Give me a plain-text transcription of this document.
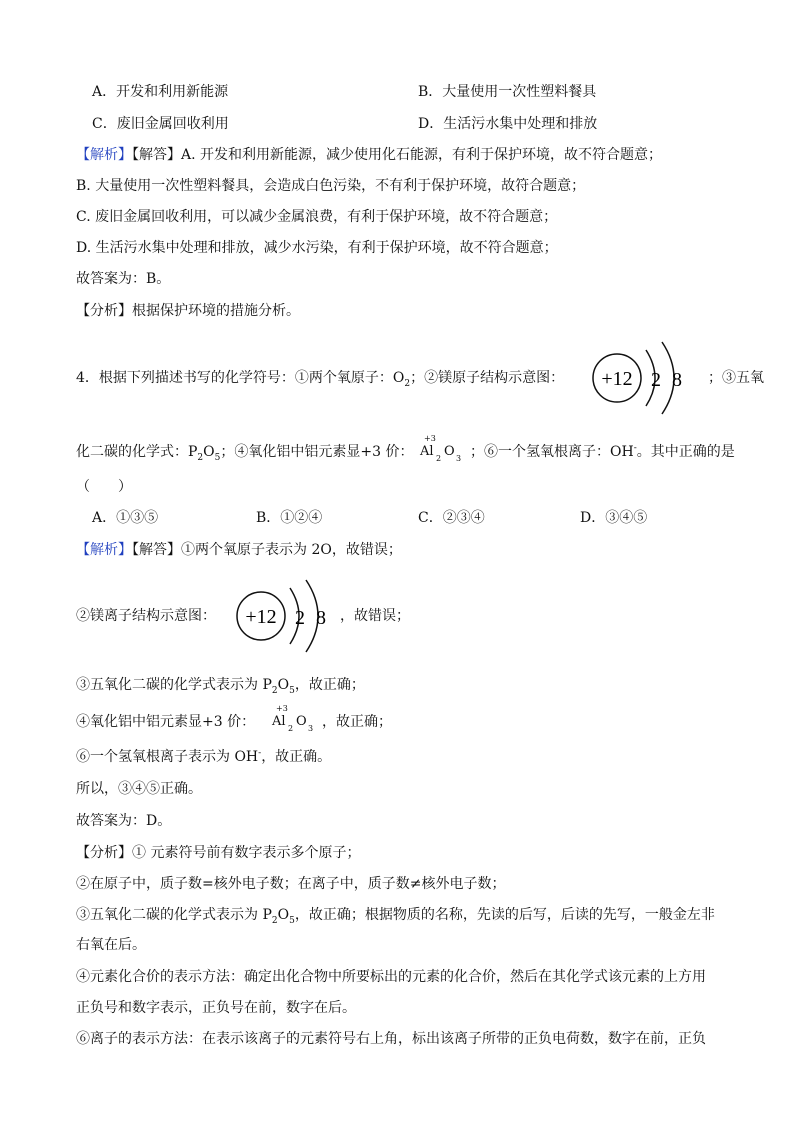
A．开发和利用新能源	B．大量使用一次性塑料餐具
C．废旧金属回收利用	D．生活污水集中处理和排放
【解析】【解答】A. 开发和利用新能源，减少使用化石能源，有利于保护环境，故不符合题意；
B. 大量使用一次性塑料餐具，会造成白色污染，不有利于保护环境，故符合题意；
C. 废旧金属回收利用，可以减少金属浪费，有利于保护环境，故不符合题意；
D. 生活污水集中处理和排放，减少水污染，有利于保护环境，故不符合题意；
故答案为：B。
【分析】根据保护环境的措施分析。
4．根据下列描述书写的化学符号：①两个氧原子：$O_2$；②镁原子结构示意图： +12 2 8 ；③五氧
化二碳的化学式：$P_2O_5$；④氧化铝中铝元素显+3 价：
+3
Al 2 O 3 ；⑥一个氢氧根离子：OH-。其中正确的是
（　　）
A．①③⑤	B．①②④	C．②③④	D．③④⑤
【解析】【解答】①两个氧原子表示为 2O，故错误；
②镁离子结构示意图： +12 2 8 ，故错误；
③五氧化二碳的化学式表示为 $P_2O_5$，故正确；
④氧化铝中铝元素显+3 价：
+3
Al 2 O 3 ，故正确；
⑥一个氢氧根离子表示为 OH-，故正确。
所以，③④⑤正确。
故答案为：D。
【分析】① 元素符号前有数字表示多个原子；
②在原子中，质子数=核外电子数；在离子中，质子数≠核外电子数；
③五氧化二碳的化学式表示为 $P_2O_5$，故正确；根据物质的名称，先读的后写，后读的先写，一般金左非
右氧在后。
④元素化合价的表示方法：确定出化合物中所要标出的元素的化合价，然后在其化学式该元素的上方用
正负号和数字表示，正负号在前，数字在后。
⑥离子的表示方法：在表示该离子的元素符号右上角，标出该离子所带的正负电荷数，数字在前，正负
